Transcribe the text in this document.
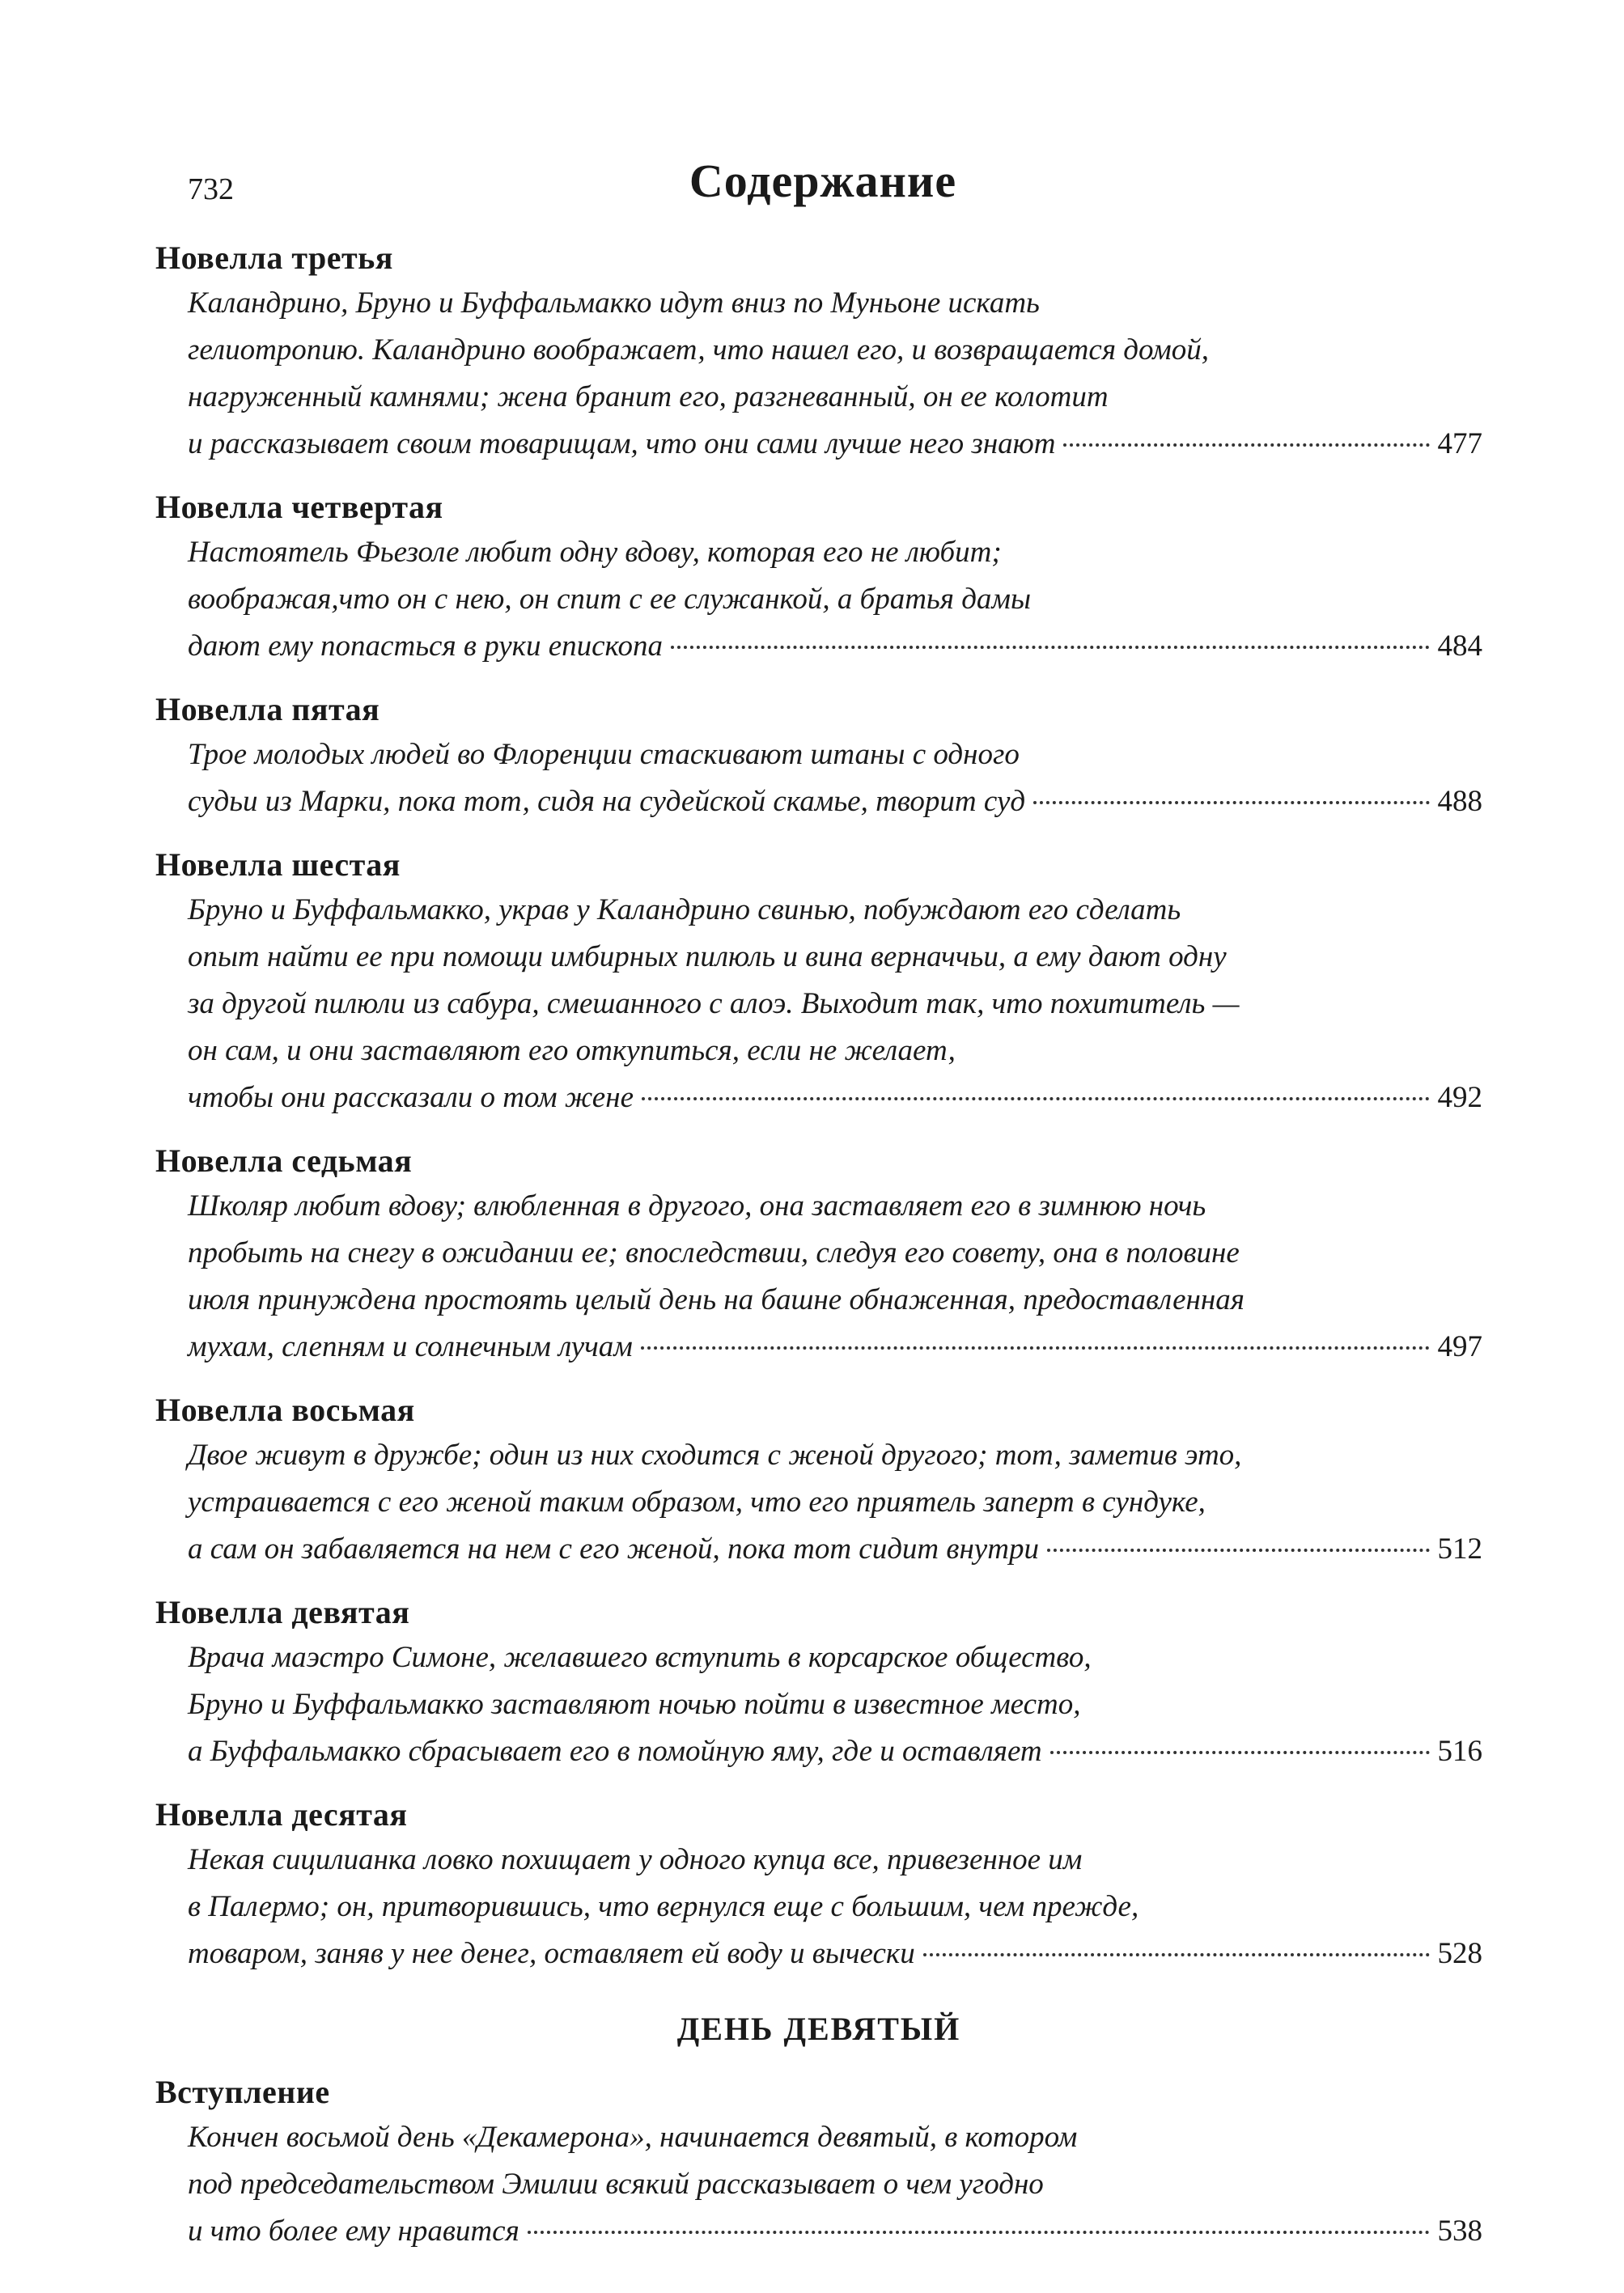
732	Содержание
Новелла третья
Каландрино, Бруно и Буффальмакко идут вниз по Муньоне искать
гелиотропию. Каландрино воображает, что нашел его, и возвращается домой,
нагруженный камнями; жена бранит его, разгневанный, он ее колотит
и рассказывает своим товарищам, что они сами лучше него знают	477
Новелла четвертая
Настоятель Фьезоле любит одну вдову, которая его не любит;
воображая,что он с нею, он спит с ее служанкой, а братья дамы
дают ему попасться в руки епископа	484
Новелла пятая
Трое молодых людей во Флоренции стаскивают штаны с одного
судьи из Марки, пока тот, сидя на судейской скамье, творит суд	488
Новелла шестая
Бруно и Буффальмакко, украв у Каландрино свинью, побуждают его сделать
опыт найти ее при помощи имбирных пилюль и вина верначчьи, а ему дают одну
за другой пилюли из сабура, смешанного с алоэ. Выходит так, что похититель —
он сам, и они заставляют его откупиться, если не желает,
чтобы они рассказали о том жене	492
Новелла седьмая
Школяр любит вдову; влюбленная в другого, она заставляет его в зимнюю ночь
пробыть на снегу в ожидании ее; впоследствии, следуя его совету, она в половине
июля принуждена простоять целый день на башне обнаженная, предоставленная
мухам, слепням и солнечным лучам	497
Новелла восьмая
Двое живут в дружбе; один из них сходится с женой другого; тот, заметив это,
устраивается с его женой таким образом, что его приятель заперт в сундуке,
а сам он забавляется на нем с его женой, пока тот сидит внутри	512
Новелла девятая
Врача маэстро Симоне, желавшего вступить в корсарское общество,
Бруно и Буффальмакко заставляют ночью пойти в известное место,
а Буффальмакко сбрасывает его в помойную яму, где и оставляет	516
Новелла десятая
Некая сицилианка ловко похищает у одного купца все, привезенное им
в Палермо; он, притворившись, что вернулся еще с большим, чем прежде,
товаром, заняв у нее денег, оставляет ей воду и вычески	528
ДЕНЬ ДЕВЯТЫЙ
Вступление
Кончен восьмой день «Декамерона», начинается девятый, в котором
под председательством Эмилии всякий рассказывает о чем угодно
и что более ему нравится	538
